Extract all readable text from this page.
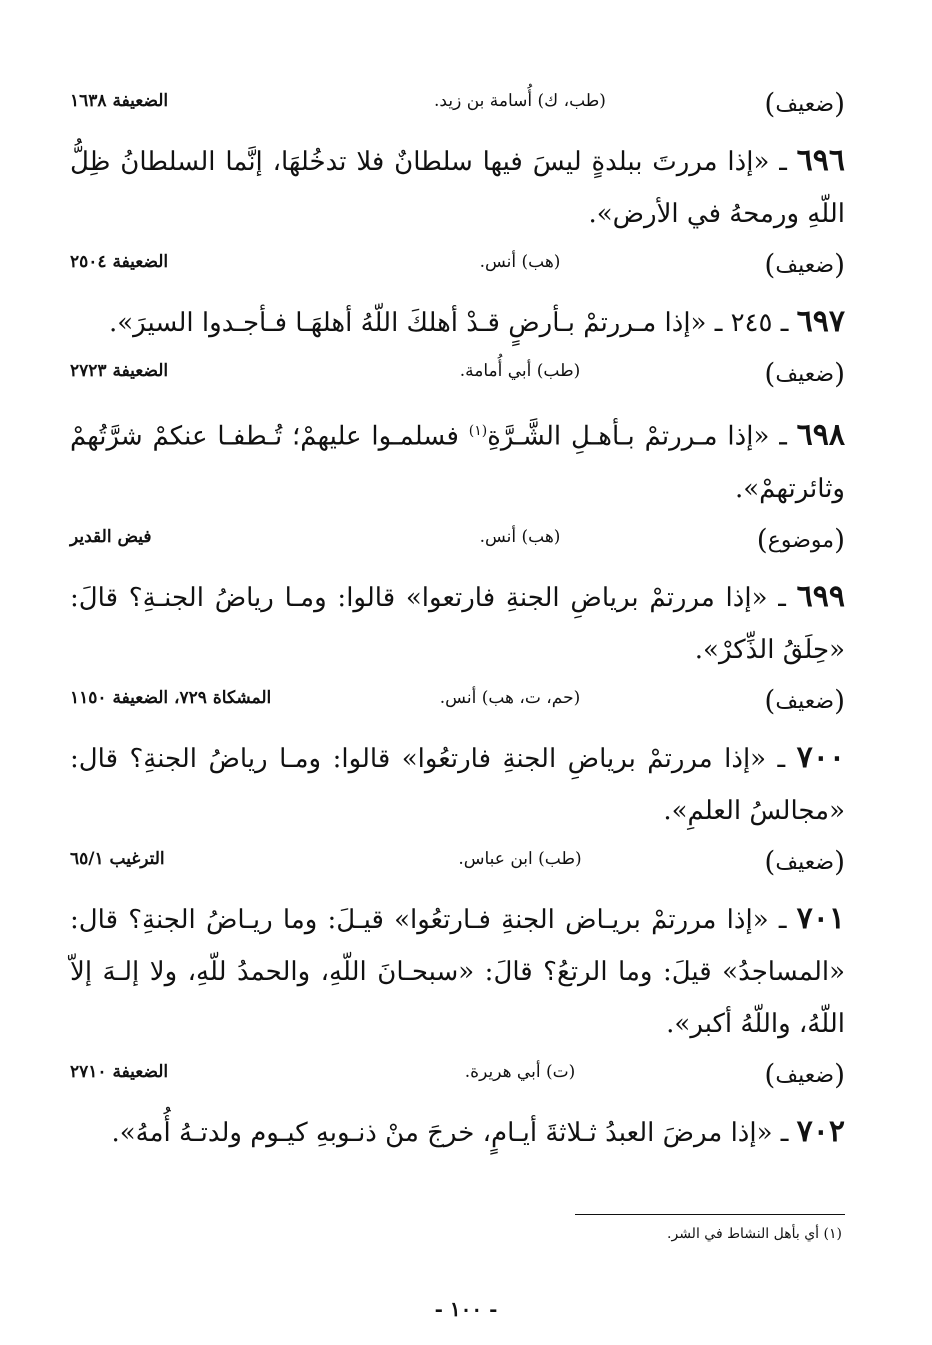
( ضعيف )
(طب، ك) أُسامة بن زيد.
الضعيفة ١٦٣٨
٦٩٦ ـ «إذا مررتَ ببلدةٍ ليسَ فيها سلطانٌ فلا تدخُلهَا، إنَّما السلطانُ ظِلُّ اللّهِ ورمحهُ في الأرض».
( ضعيف )
(هب) أنس.
الضعيفة ٢٥٠٤
٦٩٧ ـ ٢٤٥ ـ «إذا مـررتمْ بـأرضٍ قـدْ أهلكَ اللّهُ أهلهَـا فـأجـدوا السيرَ».
( ضعيف )
(طب) أبي أُمامة.
الضعيفة ٢٧٢٣
٦٩٨ ـ «إذا مـررتمْ بـأهـلِ الشَّـرَّةِ$^{(١)}$ فسلمـوا عليهمْ؛ تُـطفـا عنكمْ شرَّتُهمْ وثائرتهمْ».
( موضوع )
(هب) أنس.
فيض القدير
٦٩٩ ـ «إذا مررتمْ برياضِ الجنةِ فارتعوا» قالوا: ومـا رياضُ الجنـةِ؟ قالَ: «حِلَقُ الذِّكرْ».
( ضعيف )
(حم، ت، هب) أنس.
المشكاة ٧٢٩، الضعيفة ١١٥٠
٧٠٠ ـ «إذا مررتمْ برياضِ الجنةِ فارتعُوا» قالوا: ومـا رياضُ الجنةِ؟ قال: «مجالسُ العلمِ».
( ضعيف )
(طب) ابن عباس.
الترغيب ٦٥/١
٧٠١ ـ «إذا مررتمْ بريـاض الجنةِ فـارتعُوا» قيـلَ: وما ريـاضُ الجنةِ؟ قال: «المساجدُ» قيلَ: وما الرتعُ؟ قالَ: «سبحـانَ اللّهِ، والحمدُ للّهِ، ولا إلـهَ إلاّ اللّهُ، واللّهُ أكبر».
( ضعيف )
(ت) أبي هريرة.
الضعيفة ٢٧١٠
٧٠٢ ـ «إذا مرضَ العبدُ ثـلاثةَ أيـامٍ، خرجَ منْ ذنـوبهِ كيـوم ولدتـهُ أُمهُ».
(١) أي بأهل النشاط في الشر.
- ١٠٠ -
